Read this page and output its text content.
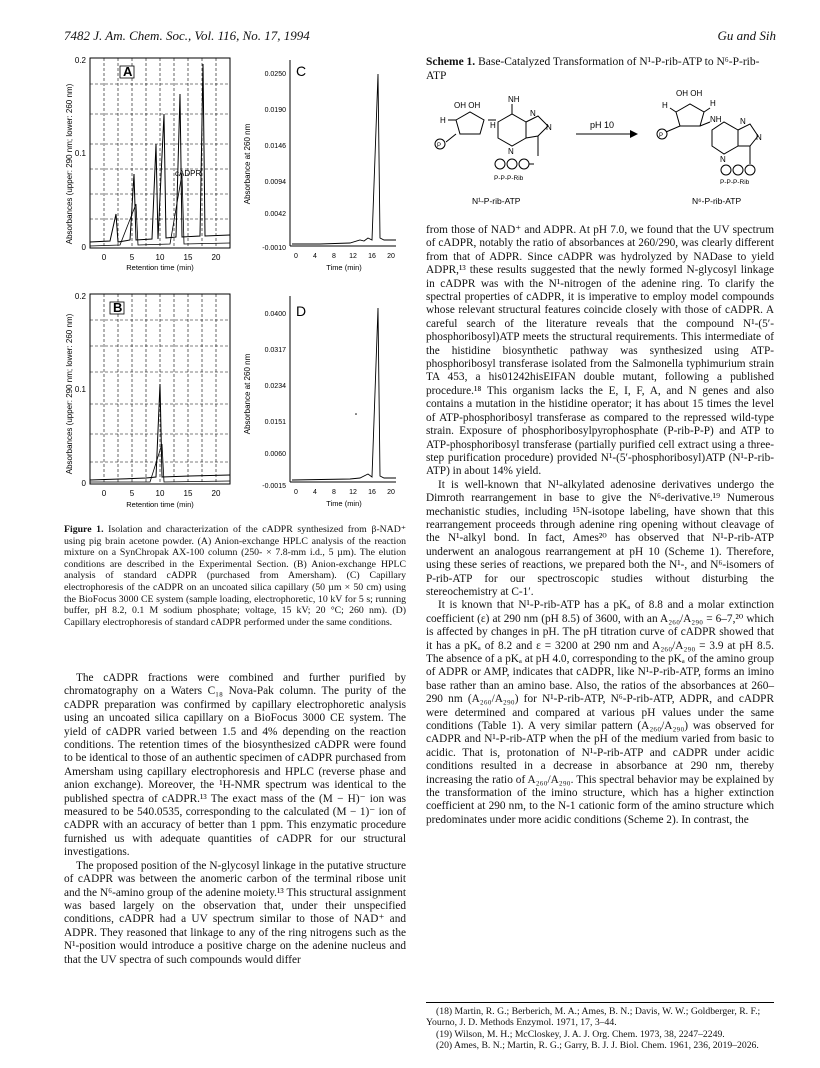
7482 J. Am. Chem. Soc., Vol. 116, No. 17, 1994	Gu and Sih
Absorbances (upper: 290 nm; lower: 260 nm)
A
cADPR
0.2
0.1
0
0	5	10 15 20
Retention time (min)
Absorbance at 260 nm
C
0.0250
0.0190
0.0146
0.0094
0.0042
-0.0010
0 4 8 12 16 20
Time (min)
Absorbances (upper: 290 nm; lower: 260 nm)
B
0.2
0.1
0
0	5	10 15 20
Retention time (min)
Absorbance at 260 nm
D
0.0400
0.0317
0.0234
0.0151
0.0060
-0.0015
0 4 8 12 16 20
Time (min)
Figure 1. Isolation and characterization of the cADPR synthesized from β-NAD⁺ using pig brain acetone powder. (A) Anion-exchange HPLC analysis of the reaction mixture on a SynChropak AX-100 column (250- × 7.8-mm i.d., 5 µm). The elution conditions are described in the Experimental Section. (B) Anion-exchange HPLC analysis of standard cADPR (purchased from Amersham). (C) Capillary electrophoresis of the cADPR on an uncoated silica capillary (50 µm × 50 cm) using the BioFocus 3000 CE system (sample loading, electrophoretic, 10 kV for 5 s; running buffer, pH 8.2, 0.1 M sodium phosphate; voltage, 15 kV; 20 °C; 260 nm). (D) Capillary electrophoresis of standard cADPR performed under the same conditions.

The cADPR fractions were combined and further purified by chromatography on a Waters C₁₈ Nova-Pak column. The purity of the cADPR preparation was confirmed by capillary electrophoretic analysis using an uncoated silica capillary on a BioFocus 3000 CE system. The yield of cADPR varied between 1.5 and 4% depending on the reaction conditions. The retention times of the biosynthesized cADPR were found to be identical to those of an authentic specimen of cADPR purchased from Amersham using capillary electrophoresis and HPLC (reverse phase and anion exchange). Moreover, the ¹H-NMR spectrum was identical to the published spectra of cADPR.¹³ The exact mass of the (M − H)⁻ ion was measured to be 540.0535, corresponding to the calculated (M − 1)⁻ ion of cADPR with an accuracy of better than 1 ppm. This enzymatic procedure furnished us with adequate quantities of cADPR for our structural investigations.

The proposed position of the N-glycosyl linkage in the putative structure of cADPR was between the anomeric carbon of the terminal ribose unit and the N⁶-amino group of the adenine moiety.¹³ This structural assignment was based largely on the observation that, under their unspecified conditions, cADPR had a UV spectrum similar to those of NAD⁺ and ADPR. They reasoned that linkage to any of the ring nitrogens such as the N¹-position would introduce a positive charge on the adenine nucleus and that the UV spectra of such compounds would differ

Scheme 1. Base-Catalyzed Transformation of N¹-P-rib-ATP to N⁶-P-rib-ATP
OH OH
H
H
NH
N
N
N
P
P-P-P-Rib
N¹-P-rib-ATP
pH 10
OH OH
H	H
NH N
N
N
P
P-P-P-Rib
N⁶-P-rib-ATP

from those of NAD⁺ and ADPR. At pH 7.0, we found that the UV spectrum of cADPR, notably the ratio of absorbances at 260/290, was clearly different from that of ADPR. Since cADPR was hydrolyzed by NADase to yield ADPR,¹³ these results suggested that the newly formed N-glycosyl linkage in cADPR was with the N¹-nitrogen of the adenine ring. To clarify the spectral properties of cADPR, it is imperative to employ model compounds whose relevant structural features coincide closely with those of cADPR. A careful search of the literature reveals that the compound N¹-(5′-phosphoribosyl)ATP meets the structural requirements. This intermediate of the histidine biosynthetic pathway was synthesized using ATP-phosphoribosyl transferase isolated from the Salmonella typhimurium strain TA 453, a his01242hisEIFAN double mutant, following a published procedure.¹⁸ This organism lacks the E, I, F, A, and N genes and also contains a mutation in the histidine operator; it has about 15 times the level of ATP-phosphoribosyl transferase as compared to the repressed wild-type strain. Exposure of phosphoribosylpyrophosphate (P-rib-P-P) and ATP to ATP-phosphoribosyl transferase (partially purified cell extract using a three-step purification procedure) provided N¹-(5′-phosphoribosyl)ATP (N¹-P-rib-ATP) in about 14% yield.

It is well-known that N¹-alkylated adenosine derivatives undergo the Dimroth rearrangement in base to give the N⁶-derivative.¹⁹ Numerous mechanistic studies, including ¹⁵N-isotope labeling, have shown that this rearrangement proceeds through adenine ring opening without cleavage of the N¹-alkyl bond. In fact, Ames²⁰ has observed that N¹-P-rib-ATP underwent an analogous rearrangement at pH 10 (Scheme 1). Therefore, using these series of reactions, we prepared both the N¹-, and N⁶-isomers of P-rib-ATP for our spectroscopic studies without disturbing the stereochemistry at C-1′.

It is known that N¹-P-rib-ATP has a pKₐ of 8.8 and a molar extinction coefficient (ε) at 290 nm (pH 8.5) of 3600, with an A₂₆₀/A₂₉₀ = 6–7,²⁰ which is affected by changes in pH. The pH titration curve of cADPR showed that it has a pKₐ of 8.2 and ε = 3200 at 290 nm and A₂₆₀/A₂₉₀ = 3.9 at pH 8.5. The absence of a pKₐ at pH 4.0, corresponding to the pKₐ of the amino group of ADPR or AMP, indicates that cADPR, like N¹-P-rib-ATP, forms an imino base rather than an amino base. Also, the ratios of the absorbances at 260–290 nm (A₂₆₀/A₂₉₀) for N¹-P-rib-ATP, N⁶-P-rib-ATP, ADPR, and cADPR were determined and compared at various pH values under the same conditions (Table 1). A very similar pattern (A₂₆₀/A₂₉₀) was observed for cADPR and N¹-P-rib-ATP when the pH of the medium varied from basic to acidic. That is, protonation of N¹-P-rib-ATP and cADPR under acidic conditions resulted in a decrease in absorbance at 290 nm, thereby increasing the ratio of A₂₆₀/A₂₉₀. This spectral behavior may be explained by the transformation of the imino structure, which has a higher extinction coefficient at 290 nm, to the N-1 cationic form of the amino structure which predominates under more acidic conditions (Scheme 2). In contrast, the

(18) Martin, R. G.; Berberich, M. A.; Ames, B. N.; Davis, W. W.; Goldberger, R. F.; Yourno, J. D. Methods Enzymol. 1971, 17, 3–44.

(19) Wilson, M. H.; McCloskey, J. A. J. Org. Chem. 1973, 38, 2247–2249.

(20) Ames, B. N.; Martin, R. G.; Garry, B. J. J. Biol. Chem. 1961, 236, 2019–2026.
